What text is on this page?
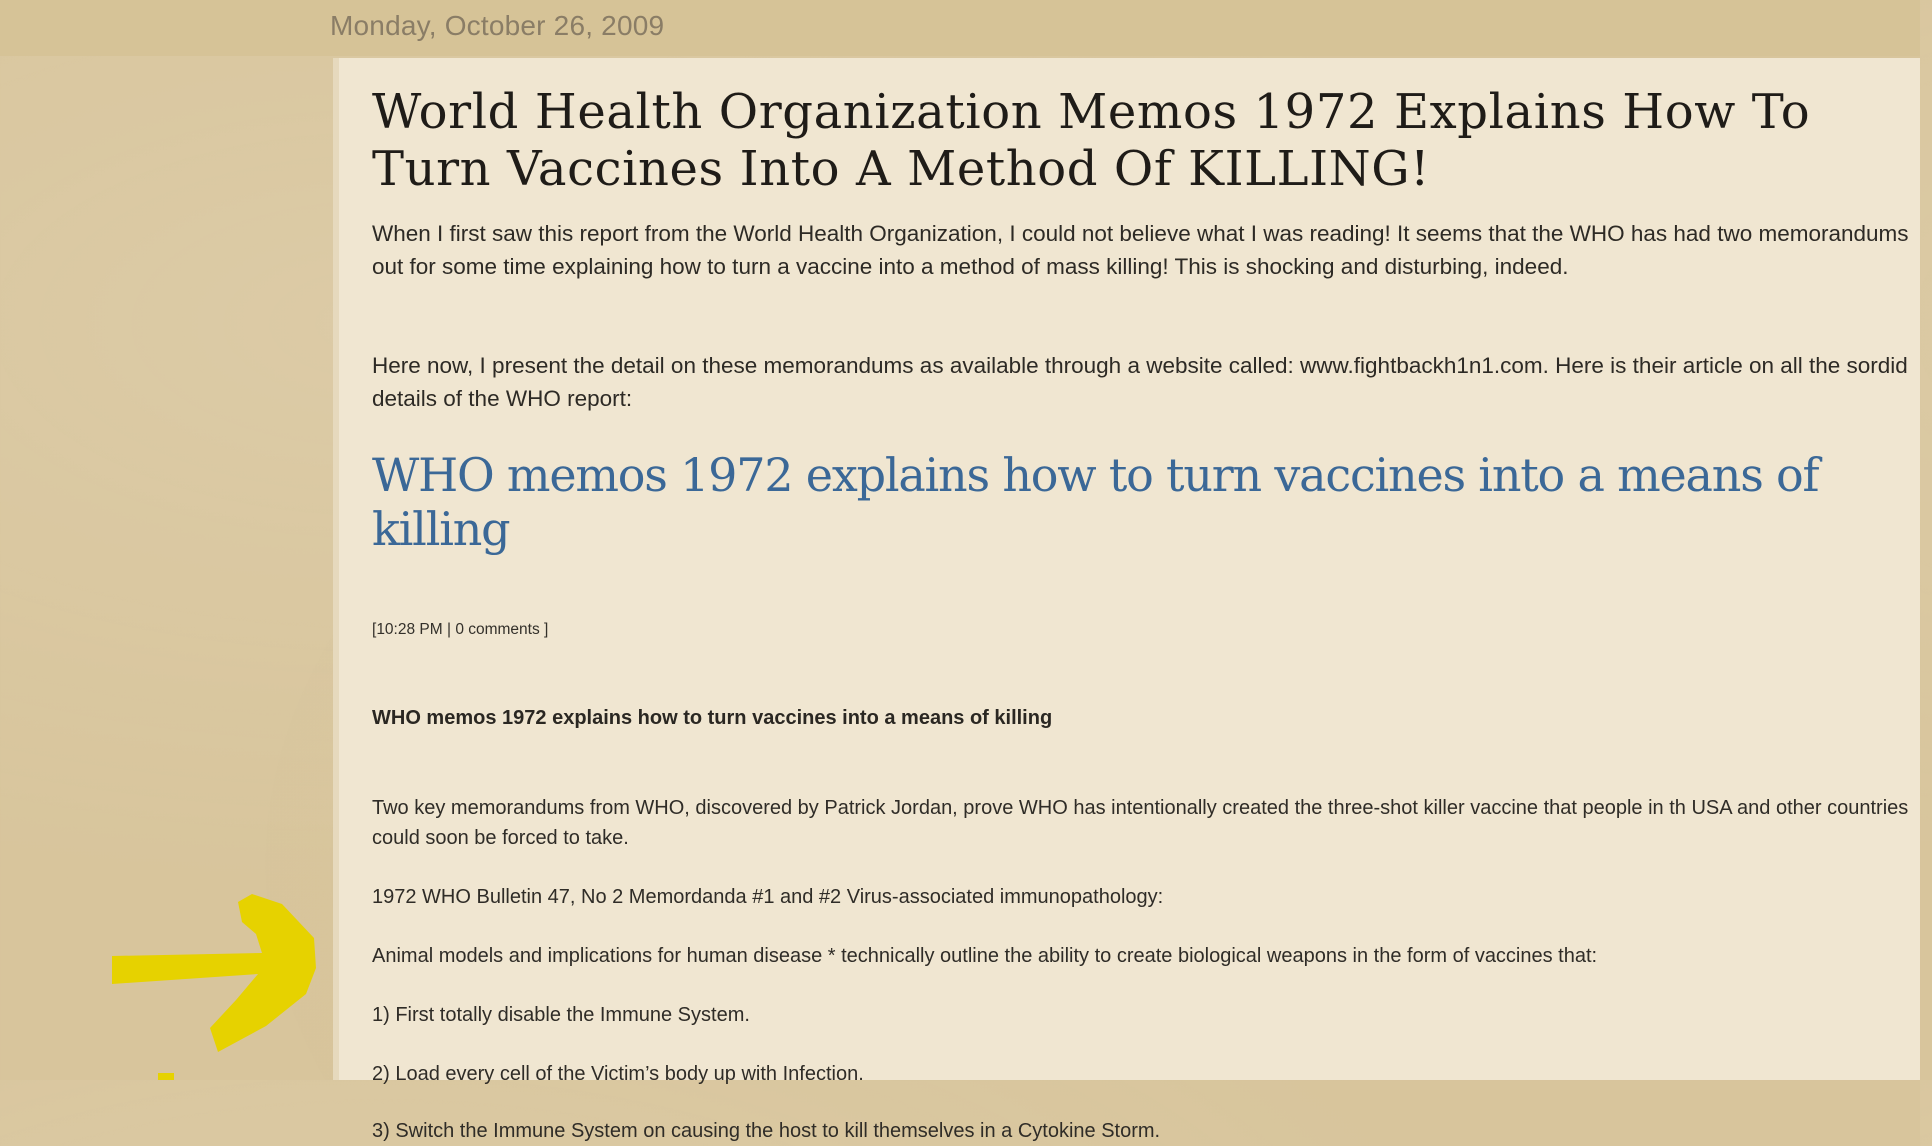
Monday, October 26, 2009
World Health Organization Memos 1972 Explains How To Turn Vaccines Into A Method Of KILLING!

When I first saw this report from the World Health Organization, I could not believe what I was reading! It seems that the WHO has had two memorandums out for some time explaining how to turn a vaccine into a method of mass killing! This is shocking and disturbing, indeed.

Here now, I present the detail on these memorandums as available through a website called: www.fightbackh1n1.com. Here is their article on all the sordid details of the WHO report:

WHO memos 1972 explains how to turn vaccines into a means of killing
[10:28 PM | 0 comments ]

WHO memos 1972 explains how to turn vaccines into a means of killing

Two key memorandums from WHO, discovered by Patrick Jordan, prove WHO has intentionally created the three-shot killer vaccine that people in th USA and other countries could soon be forced to take.

1972 WHO Bulletin 47, No 2 Memordanda #1 and #2 Virus-associated immunopathology:

Animal models and implications for human disease * technically outline the ability to create biological weapons in the form of vaccines that:

1) First totally disable the Immune System.

2) Load every cell of the Victim’s body up with Infection.

3) Switch the Immune System on causing the host to kill themselves in a Cytokine Storm.
